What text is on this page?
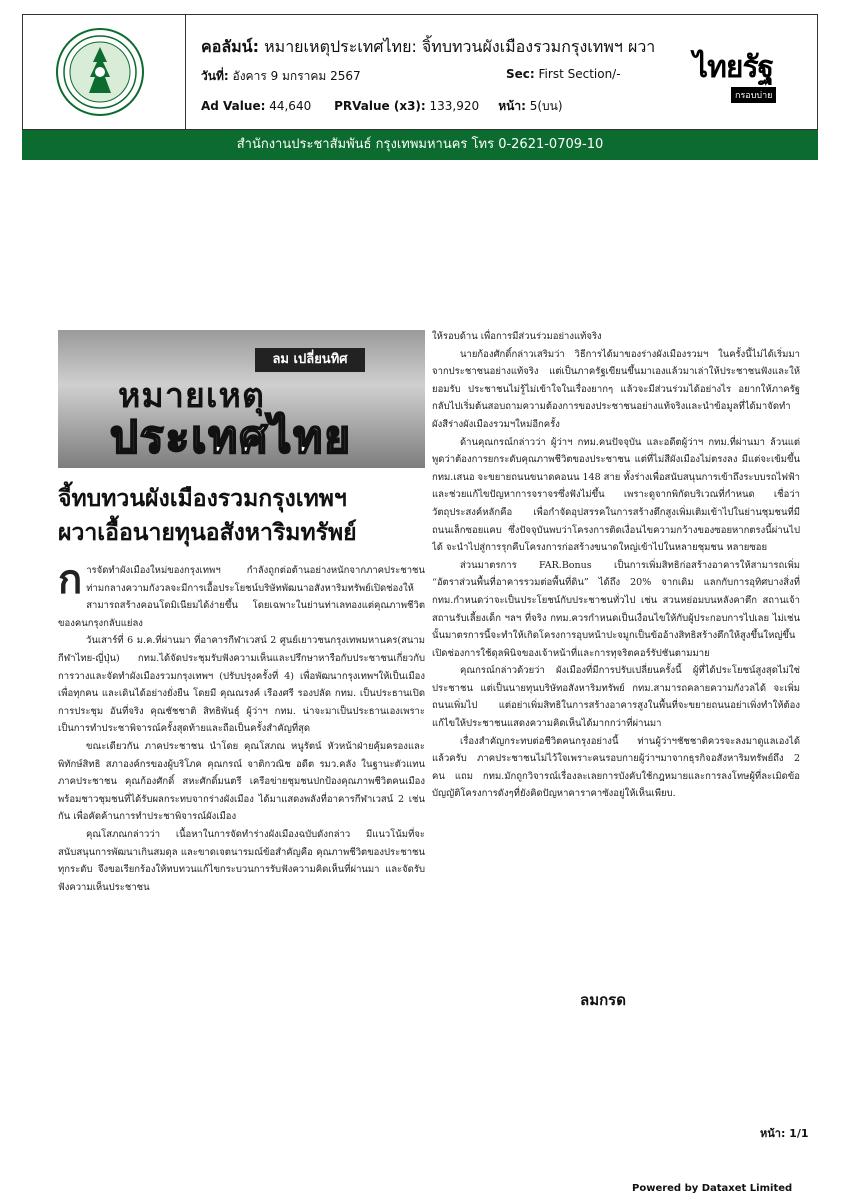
คอลัมน์: หมายเหตุประเทศไทย: จิ้ทบทวนผังเมืองรวมกรุงเทพฯ ผวา
วันที่: อังคาร 9 มกราคม 2567	Sec: First Section/-
Ad Value: 44,640 PRValue (x3): 133,920 หน้า: 5(บน)
ไทยรัฐ
กรอบบ่าย
สำนักงานประชาสัมพันธ์ กรุงเทพมหานคร โทร 0-2621-0709-10
ลม เปลี่ยนทิศ
หมายเหตุ
ประเทศไทย
จี้ทบทวนผังเมืองรวมกรุงเทพฯ
ผวาเอื้อนายทุนอสังหาริมทรัพย์

การจัดทำผังเมืองใหม่ของกรุงเทพฯ กำลังถูกต่อต้านอย่างหนักจากภาคประชาชน ท่ามกลางความกังวลจะมีการเอื้อประโยชน์บริษัทพัฒนาอสังหาริมทรัพย์เปิดช่องให้สามารถสร้างคอนโดมิเนียมได้ง่ายขึ้น โดยเฉพาะในย่านท่าเลทองแต่คุณภาพชีวิตของคนกรุงกลับแย่ลง

วันเสาร์ที่ 6 ม.ค.ที่ผ่านมา ที่อาคารกีฬาเวสน์ 2 ศูนย์เยาวชนกรุงเทพมหานคร(สนามกีฬาไทย-ญี่ปุ่น) กทม.ได้จัดประชุมรับฟังความเห็นและปรึกษาหารือกับประชาชนเกี่ยวกับการวางและจัดทำผังเมืองรวมกรุงเทพฯ (ปรับปรุงครั้งที่ 4) เพื่อพัฒนากรุงเทพฯให้เป็นเมืองเพื่อทุกคน และเดินได้อย่างยั่งยืน โดยมี คุณณรงค์ เรืองศรี รองปลัด กทม. เป็นประธานเปิดการประชุม อันที่จริง คุณชัชชาติ สิทธิพันธุ์ ผู้ว่าฯ กทม. น่าจะมาเป็นประธานเองเพราะเป็นการทำประชาพิจารณ์ครั้งสุดท้ายและถือเป็นครั้งสำคัญที่สุด

ขณะเดียวกัน ภาคประชาชน นำโดย คุณโสภณ หนูรัตน์ หัวหน้าฝ่ายคุ้มครองและพิทักษ์สิทธิ สภาองค์กรของผู้บริโภค คุณกรณ์ จาติกวณิช อดีต รมว.คลัง ในฐานะตัวแทนภาคประชาชน คุณก้องศักดิ์ สหะศักดิ์มนตรี เครือข่ายชุมชนปกป้องคุณภาพชีวิตคนเมือง พร้อมชาวชุมชนที่ได้รับผลกระทบจากร่างผังเมือง ได้มาแสดงพลังที่อาคารกีฬาเวสน์ 2 เช่นกัน เพื่อคัดค้านการทำประชาพิจารณ์ผังเมือง

คุณโสภณกล่าวว่า เนื้อหาในการจัดทำร่างผังเมืองฉบับดังกล่าว มีแนวโน้มที่จะ สนับสนุนการพัฒนาเกินสมดุล และขาดเจตนารมณ์ข้อสำคัญคือ คุณภาพชีวิตของประชาชนทุกระดับ จึงขอเรียกร้องให้ทบทวนแก้ไขกระบวนการรับฟังความคิดเห็นที่ผ่านมา และจัดรับฟังความเห็นประชาชน

ให้รอบด้าน เพื่อการมีส่วนร่วมอย่างแท้จริง

นายก้องศักดิ์กล่าวเสริมว่า วิธีการได้มาของร่างผังเมืองรวมฯ ในครั้งนี้ไม่ได้เริ่มมาจากประชาชนอย่างแท้จริง แต่เป็นภาครัฐเขียนขึ้นมาเองแล้วมาเล่าให้ประชาชนฟังและให้ยอมรับ ประชาชนไม่รู้ไม่เข้าใจในเรื่องยากๆ แล้วจะมีส่วนร่วมได้อย่างไร อยากให้ภาครัฐกลับไปเริ่มต้นสอบถามความต้องการของประชาชนอย่างแท้จริงและนำข้อมูลที่ได้มาจัดทำผังสีร่างผังเมืองรวมฯใหม่อีกครั้ง

ด้านคุณกรณ์กล่าวว่า ผู้ว่าฯ กทม.คนปัจจุบัน และอดีตผู้ว่าฯ กทม.ที่ผ่านมา ล้วนแต่พูดว่าต้องการยกระดับคุณภาพชีวิตของประชาชน แต่ที่ไม่สีผังเมืองไม่ตรงลง มีแต่จะเข้มขึ้น กทม.เสนอ จะขยายถนนขนาดคอนน 148 สาย ทั้งร่างเพื่อสนับสนุนการเข้าถึงระบบรถไฟฟ้าและช่วยแก้ไขปัญหาการจราจรซึ่งฟังไม่ขึ้น เพราะดูจากพิกัดบริเวณที่กำหนด เชื่อว่าวัตถุประสงค์หลักคือ เพื่อกำจัดอุปสรรคในการสร้างตึกสูงเพิ่มเติมเข้าไปในย่านชุมชนที่มีถนนเล็กซอยแคบ ซึ่งปัจจุบันพบว่าโครงการติดเงื่อนไขความกว้างของซอยหากตรงนี้ผ่านไปได้ จะนำไปสู่การรุกคืบโครงการก่อสร้างขนาดใหญ่เข้าไปในหลายชุมชน หลายซอย

ส่วนมาตรการ FAR.Bonus เป็นการเพิ่มสิทธิก่อสร้างอาคารให้สามารถเพิ่ม “อัตราส่วนพื้นที่อาคารรวมต่อพื้นที่ดิน” ได้ถึง 20% จากเดิม แลกกับการอุทิศบางสิ่งที่ กทม.กำหนดว่าจะเป็นประโยชน์กับประชาชนทั่วไป เช่น สวนหย่อมบนหลังคาตึก สถานเจ้าสถานรับเลี้ยงเด็ก ฯลฯ ที่จริง กทม.ควรกำหนดเป็นเงื่อนไขให้กับผู้ประกอบการไปเลย ไม่เช่นนั้นมาตรการนี้จะทำให้เกิดโครงการอุบหน้าปะจมูกเป็นข้ออ้างสิทธิสร้างตึกให้สูงขึ้นใหญ่ขึ้น เปิดช่องการใช้ดุลพินิจของเจ้าหน้าที่และการทุจริตคอร์รัปชันตามมาย

คุณกรณ์กล่าวด้วยว่า ผังเมืองที่มีการปรับเปลี่ยนครั้งนี้ ผู้ที่ได้ประโยชน์สูงสุดไม่ใช่ประชาชน แต่เป็นนายทุนบริษัทอสังหาริมทรัพย์ กทม.สามารถคลายความกังวลได้ จะเพิ่มถนนเพิ่มไป แต่อย่าเพิ่มสิทธิในการสร้างอาคารสูงในพื้นที่จะขยายถนนอย่าเพิ่งทำให้ต้องแก้ไขให้ประชาชนแสดงความคิดเห็นได้มากกว่าที่ผ่านมา

เรื่องสำคัญกระทบต่อชีวิตคนกรุงอย่างนี้ ท่านผู้ว่าฯชัชชาติควรจะลงมาดูแลเองได้แล้วครับ ภาคประชาชนไม่ไว้ใจเพราะคนรอบกายผู้ว่าฯมาจากธุรกิจอสังหาริมทรัพย์ถึง 2 คน แถม กทม.มักถูกวิจารณ์เรื่องละเลยการบังคับใช้กฎหมายและการลงโทษผู้ที่ละเมิดข้อบัญญัติโครงการดังๆที่ยังคิดปัญหาคาราคาซังอยู่ให้เห็นเพียบ.

ลมกรด
หน้า: 1/1
Powered by Dataxet Limited
